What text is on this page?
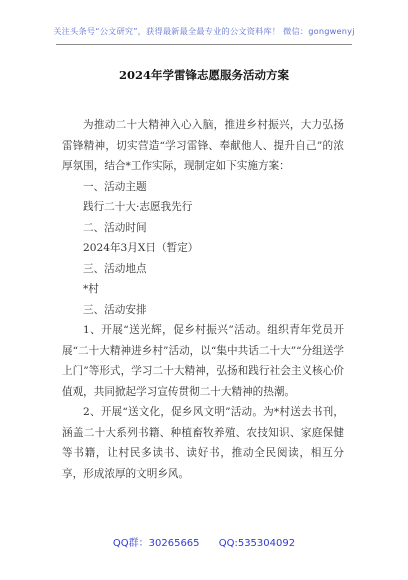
关注头条号“公文研究”，获得最新最全最专业的公文资料库！ 微信：gongwenyj
2024年学雷锋志愿服务活动方案

为推动二十大精神入心入脑，推进乡村振兴，大力弘扬雷锋精神，切实营造“学习雷锋、奉献他人、提升自己”的浓厚氛围，结合*工作实际，现制定如下实施方案：

一、活动主题

践行二十大·志愿我先行

二、活动时间

2024年3月X日（暂定）

三、活动地点

*村

三、活动安排

1、开展“送光辉，促乡村振兴”活动。组织青年党员开展“二十大精神进乡村”活动，以“集中共话二十大”“分组送学上门”等形式，学习二十大精神，弘扬和践行社会主义核心价值观，共同掀起学习宣传贯彻二十大精神的热潮。

2、开展“送文化，促乡风文明”活动。为*村送去书刊，涵盖二十大系列书籍、种植畜牧养殖、农技知识、家庭保健等书籍，让村民多读书、读好书，推动全民阅读，相互分享，形成浓厚的文明乡风。

QQ群：30265665 QQ:535304092
